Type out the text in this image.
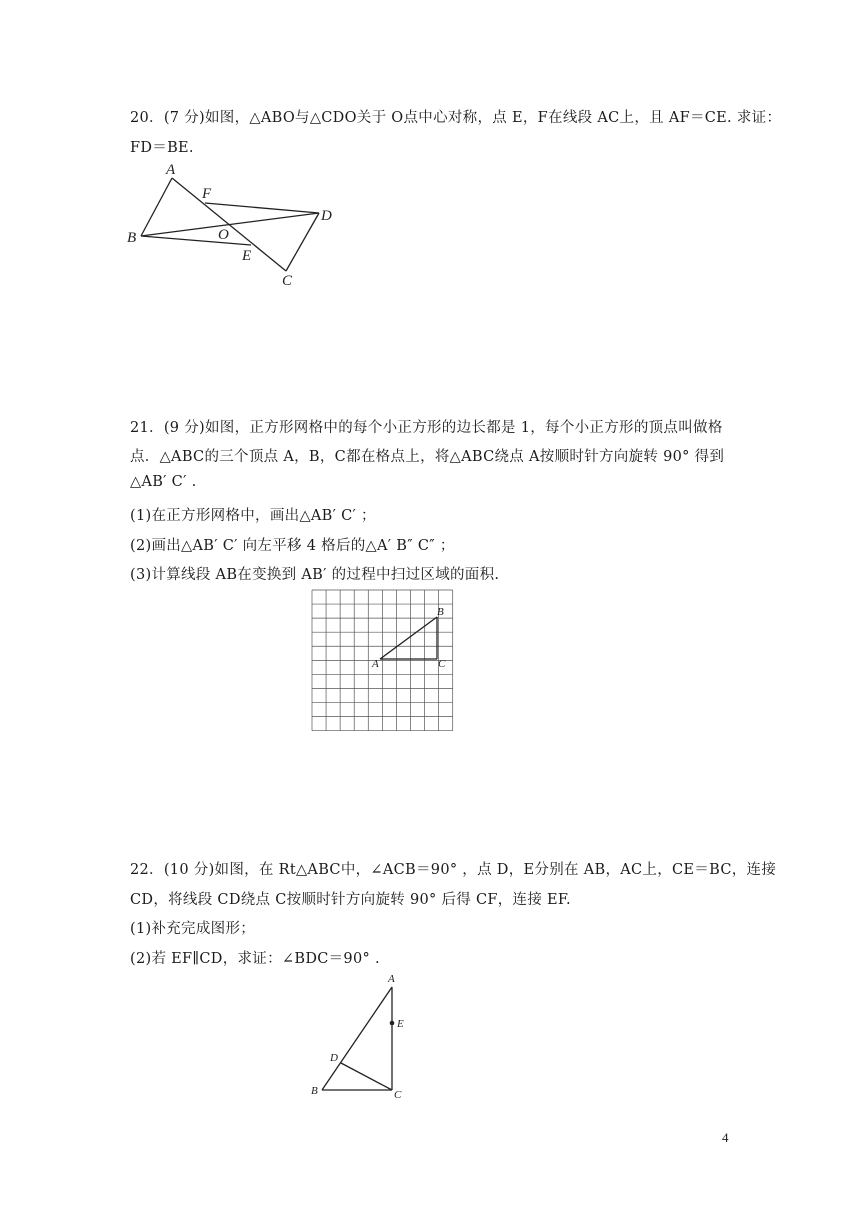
20．(7 分)如图，△ABO与△CDO关于 O点中心对称，点 E，F在线段 AC上，且 AF＝CE. 求证：
FD＝BE.
A
F
D
B	O
E
C
21．(9 分)如图，正方形网格中的每个小正方形的边长都是 1，每个小正方形的顶点叫做格
点．△ABC的三个顶点 A，B，C都在格点上，将△ABC绕点 A按顺时针方向旋转 90° 得到
△AB′ C′ .
(1)在正方形网格中，画出△AB′ C′ ；
(2)画出△AB′ C′ 向左平移 4 格后的△A′ B″ C″ ；
(3)计算线段 AB在变换到 AB′ 的过程中扫过区域的面积.
A
B
C
22．(10 分)如图，在 Rt△ABC中，∠ACB＝90° ，点 D，E分别在 AB，AC上，CE＝BC，连接
CD，将线段 CD绕点 C按顺时针方向旋转 90° 后得 CF，连接 EF.
(1)补充完成图形；
(2)若 EF∥CD，求证：∠BDC＝90° .
A
E
D
B	C
4
